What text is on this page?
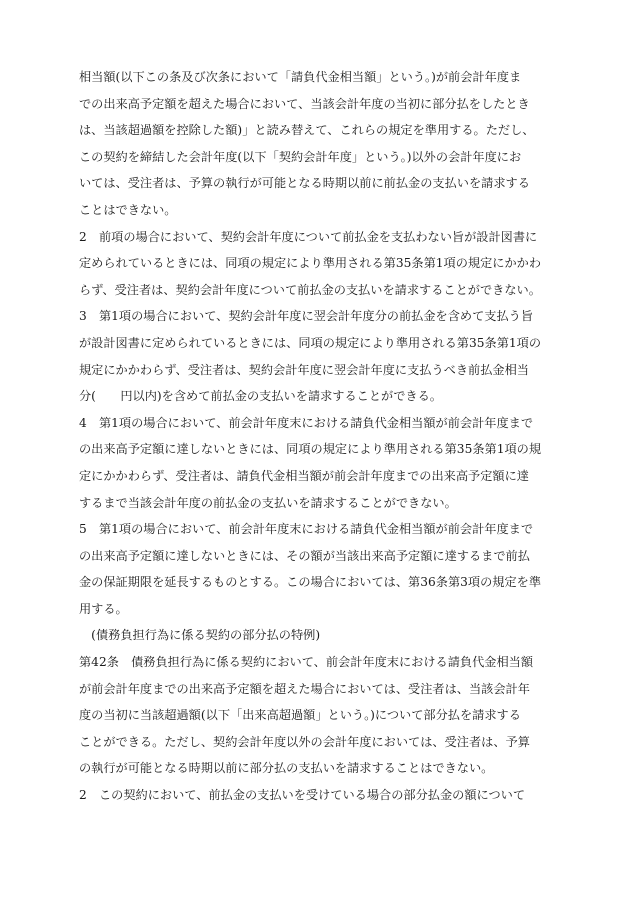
相当額(以下この条及び次条において「請負代金相当額」という。)が前会計年度ま
での出来高予定額を超えた場合において、当該会計年度の当初に部分払をしたとき
は、当該超過額を控除した額)」と読み替えて、これらの規定を準用する。ただし、
この契約を締結した会計年度(以下「契約会計年度」という。)以外の会計年度にお
いては、受注者は、予算の執行が可能となる時期以前に前払金の支払いを請求する
ことはできない。
2　前項の場合において、契約会計年度について前払金を支払わない旨が設計図書に
定められているときには、同項の規定により準用される第35条第1項の規定にかかわ
らず、受注者は、契約会計年度について前払金の支払いを請求することができない。
3　第1項の場合において、契約会計年度に翌会計年度分の前払金を含めて支払う旨
が設計図書に定められているときには、同項の規定により準用される第35条第1項の
規定にかかわらず、受注者は、契約会計年度に翌会計年度に支払うべき前払金相当
分(　　円以内)を含めて前払金の支払いを請求することができる。
4　第1項の場合において、前会計年度末における請負代金相当額が前会計年度まで
の出来高予定額に達しないときには、同項の規定により準用される第35条第1項の規
定にかかわらず、受注者は、請負代金相当額が前会計年度までの出来高予定額に達
するまで当該会計年度の前払金の支払いを請求することができない。
5　第1項の場合において、前会計年度末における請負代金相当額が前会計年度まで
の出来高予定額に達しないときには、その額が当該出来高予定額に達するまで前払
金の保証期限を延長するものとする。この場合においては、第36条第3項の規定を準
用する。
　(債務負担行為に係る契約の部分払の特例)
第42条　債務負担行為に係る契約において、前会計年度末における請負代金相当額
が前会計年度までの出来高予定額を超えた場合においては、受注者は、当該会計年
度の当初に当該超過額(以下「出来高超過額」という。)について部分払を請求する
ことができる。ただし、契約会計年度以外の会計年度においては、受注者は、予算
の執行が可能となる時期以前に部分払の支払いを請求することはできない。
2　この契約において、前払金の支払いを受けている場合の部分払金の額について
